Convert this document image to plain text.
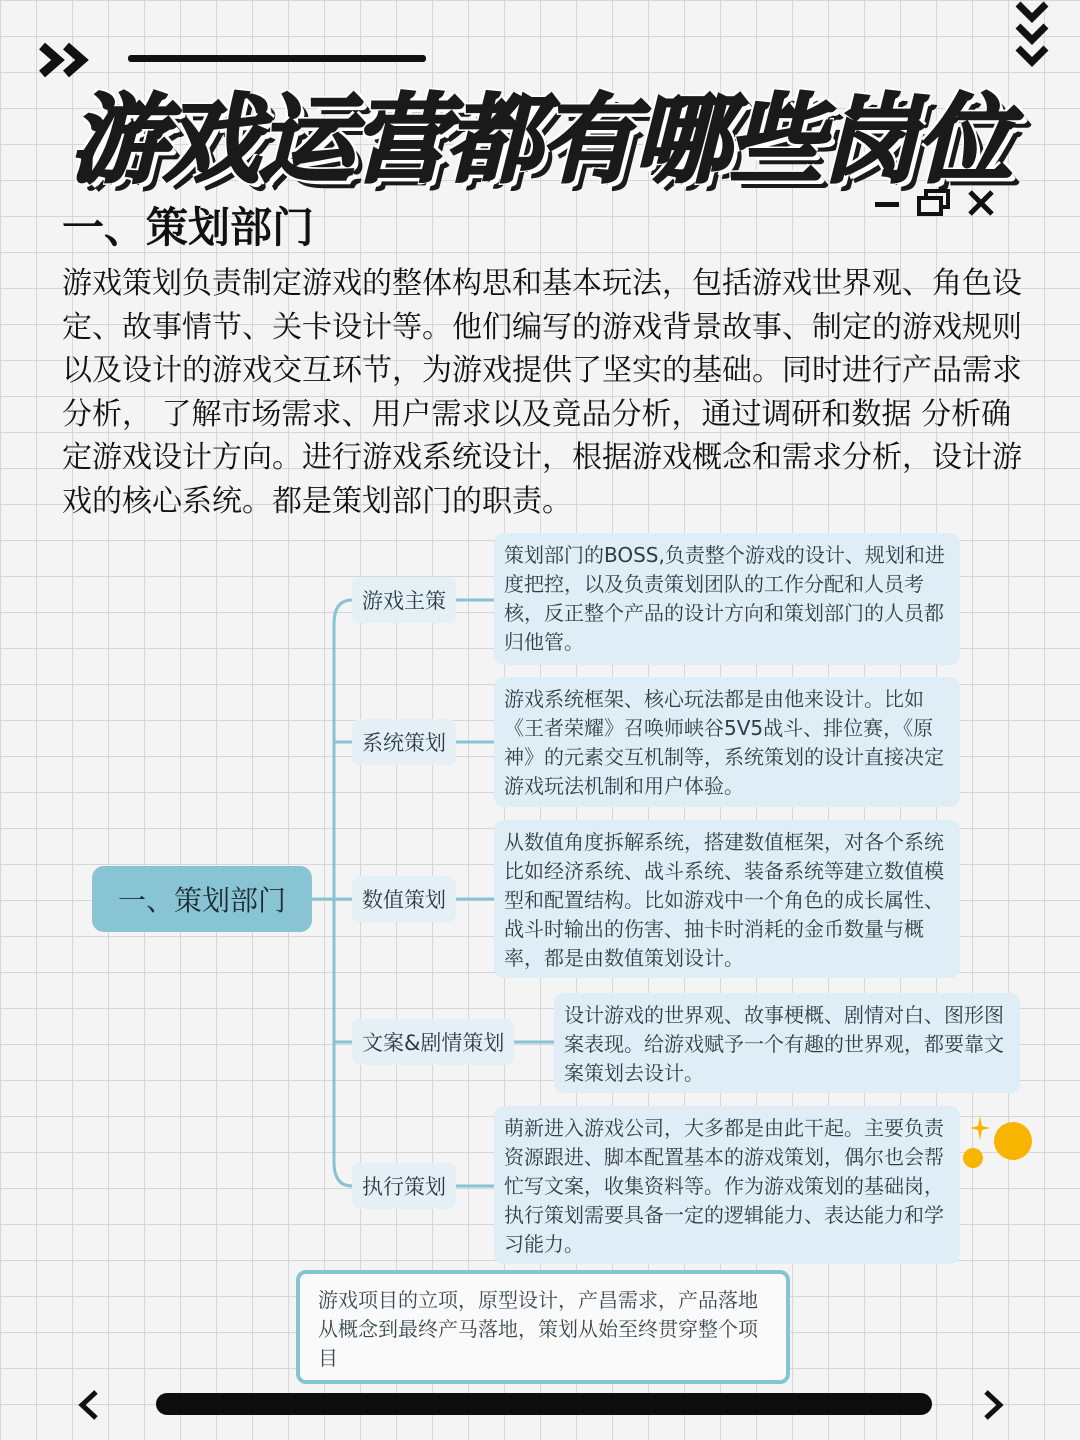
游戏运营都有哪些岗位
一、策划部门

游戏策划负责制定游戏的整体构思和基本玩法，包括游戏世界观、角色设定、故事情节、关卡设计等。他们编写的游戏背景故事、制定的游戏规则以及设计的游戏交互环节，为游戏提供了坚实的基础。同时进行产品需求分析， 了解市场需求、用户需求以及竟品分析，通过调研和数据 分析确定游戏设计方向。进行游戏系统设计，根据游戏概念和需求分析，设计游戏的核心系统。都是策划部门的职责。

一、策划部门
游戏主策

策划部门的BOSS,负责整个游戏的设计、规划和进度把控，以及负责策划团队的工作分配和人员考核，反正整个产品的设计方向和策划部门的人员都归他管。

系统策划

游戏系统框架、核心玩法都是由他来设计。比如《王者荣耀》召唤师峡谷5V5战斗、排位赛，《原神》的元素交互机制等，系统策划的设计直接决定游戏玩法机制和用户体验。

数值策划

从数值角度拆解系统，搭建数值框架，对各个系统比如经济系统、战斗系统、装备系统等建立数值模型和配置结构。比如游戏中一个角色的成长属性、战斗时输出的伤害、抽卡时消耗的金币数量与概率，都是由数值策划设计。

文案&剧情策划

设计游戏的世界观、故事梗概、剧情对白、图形图案表现。给游戏赋予一个有趣的世界观，都要靠文案策划去设计。

执行策划

萌新进入游戏公司，大多都是由此干起。主要负责资源跟进、脚本配置基本的游戏策划，偶尔也会帮忙写文案，收集资料等。作为游戏策划的基础岗，执行策划需要具备一定的逻辑能力、表达能力和学习能力。

游戏项目的立项，原型设计，产昌需求，产品落地从概念到最终产马落地，策划从始至终贯穿整个项目
